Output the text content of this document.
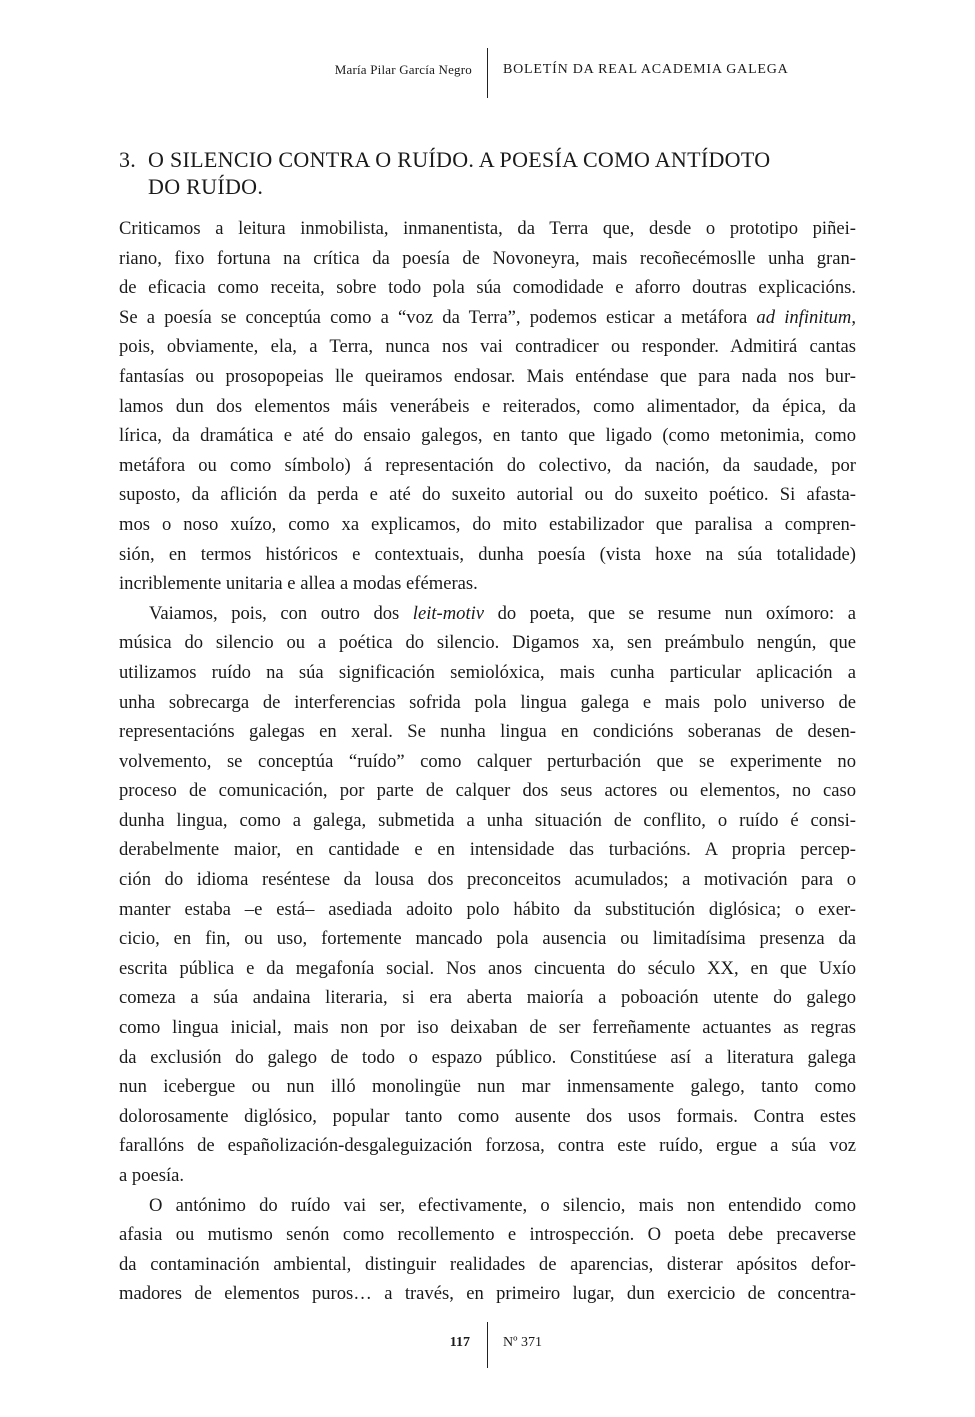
María Pilar García Negro BOLETÍN DA REAL ACADEMIA GALEGA
3. O SILENCIO CONTRA O RUÍDO. A POESÍA COMO ANTÍDOTO
DO RUÍDO.
Criticamos a leitura inmobilista, inmanentista, da Terra que, desde o prototipo piñei-
riano, fixo fortuna na crítica da poesía de Novoneyra, mais recoñecémoslle unha gran-
de eficacia como receita, sobre todo pola súa comodidade e aforro doutras explicacións.
Se a poesía se conceptúa como a “voz da Terra”, podemos esticar a metáfora ad infinitum,
pois, obviamente, ela, a Terra, nunca nos vai contradicer ou responder. Admitirá cantas
fantasías ou prosopopeias lle queiramos endosar. Mais enténdase que para nada nos bur-
lamos dun dos elementos máis venerábeis e reiterados, como alimentador, da épica, da
lírica, da dramática e até do ensaio galegos, en tanto que ligado (como metonimia, como
metáfora ou como símbolo) á representación do colectivo, da nación, da saudade, por
suposto, da aflición da perda e até do suxeito autorial ou do suxeito poético. Si afasta-
mos o noso xuízo, como xa explicamos, do mito estabilizador que paralisa a compren-
sión, en termos históricos e contextuais, dunha poesía (vista hoxe na súa totalidade)
incriblemente unitaria e allea a modas efémeras.
Vaiamos, pois, con outro dos leit-motiv do poeta, que se resume nun oxímoro: a
música do silencio ou a poética do silencio. Digamos xa, sen preámbulo nengún, que
utilizamos ruído na súa significación semiolóxica, mais cunha particular aplicación a
unha sobrecarga de interferencias sofrida pola lingua galega e mais polo universo de
representacións galegas en xeral. Se nunha lingua en condicións soberanas de desen-
volvemento, se conceptúa “ruído” como calquer perturbación que se experimente no
proceso de comunicación, por parte de calquer dos seus actores ou elementos, no caso
dunha lingua, como a galega, submetida a unha situación de conflito, o ruído é consi-
derabelmente maior, en cantidade e en intensidade das turbacións. A propria percep-
ción do idioma reséntese da lousa dos preconceitos acumulados; a motivación para o
manter estaba –e está– asediada adoito polo hábito da substitución diglósica; o exer-
cicio, en fin, ou uso, fortemente mancado pola ausencia ou limitadísima presenza da
escrita pública e da megafonía social. Nos anos cincuenta do século XX, en que Uxío
comeza a súa andaina literaria, si era aberta maioría a poboación utente do galego
como lingua inicial, mais non por iso deixaban de ser ferreñamente actuantes as regras
da exclusión do galego de todo o espazo público. Constitúese así a literatura galega
nun icebergue ou nun illó monolingüe nun mar inmensamente galego, tanto como
dolorosamente diglósico, popular tanto como ausente dos usos formais. Contra estes
farallóns de españolización-desgaleguización forzosa, contra este ruído, ergue a súa voz
a poesía.
O antónimo do ruído vai ser, efectivamente, o silencio, mais non entendido como
afasia ou mutismo senón como recollemento e introspección. O poeta debe precaverse
da contaminación ambiental, distinguir realidades de aparencias, disterar apósitos defor-
madores de elementos puros… a través, en primeiro lugar, dun exercicio de concentra-
117 Nº 371
